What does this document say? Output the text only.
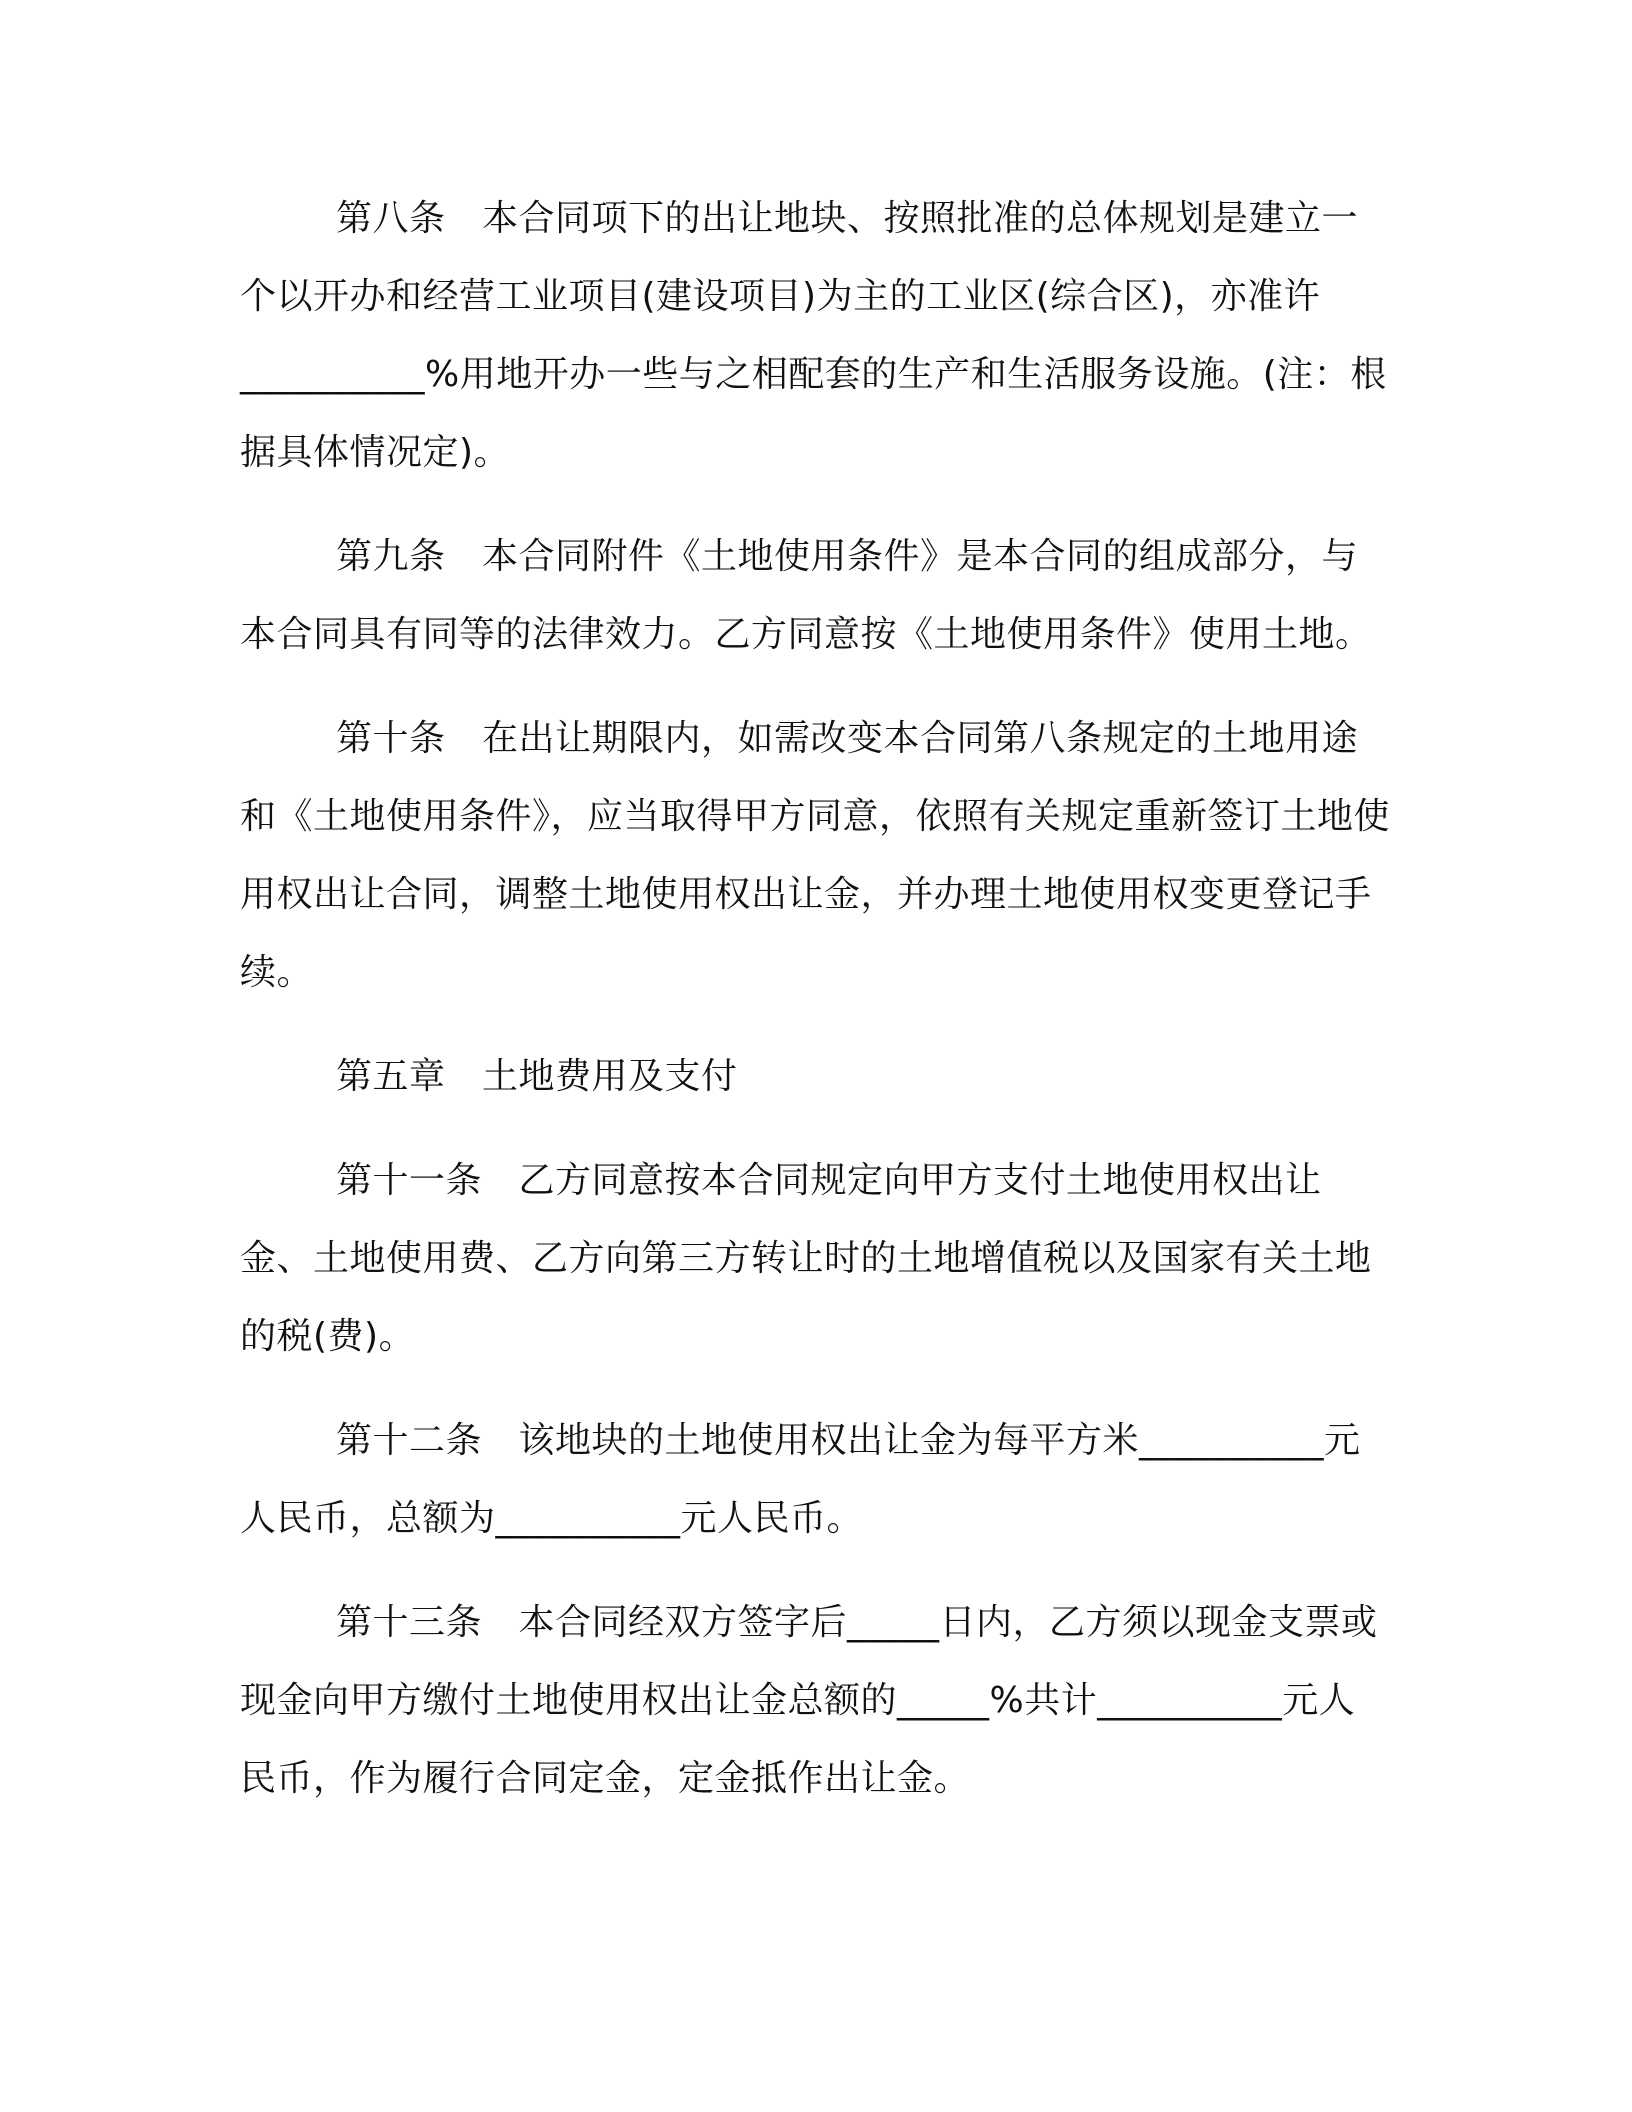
第八条　本合同项下的出让地块、按照批准的总体规划是建立一个以开办和经营工业项目(建设项目)为主的工业区(综合区)，亦准许__________%用地开办一些与之相配套的生产和生活服务设施。(注：根据具体情况定)。

第九条　本合同附件《土地使用条件》是本合同的组成部分，与本合同具有同等的法律效力。乙方同意按《土地使用条件》使用土地。

第十条　在出让期限内，如需改变本合同第八条规定的土地用途和《土地使用条件》，应当取得甲方同意，依照有关规定重新签订土地使用权出让合同，调整土地使用权出让金，并办理土地使用权变更登记手续。

第五章　土地费用及支付

第十一条　乙方同意按本合同规定向甲方支付土地使用权出让金、土地使用费、乙方向第三方转让时的土地增值税以及国家有关土地的税(费)。

第十二条　该地块的土地使用权出让金为每平方米__________元人民币，总额为__________元人民币。

第十三条　本合同经双方签字后_____日内，乙方须以现金支票或现金向甲方缴付土地使用权出让金总额的_____%共计__________元人民币，作为履行合同定金，定金抵作出让金。
